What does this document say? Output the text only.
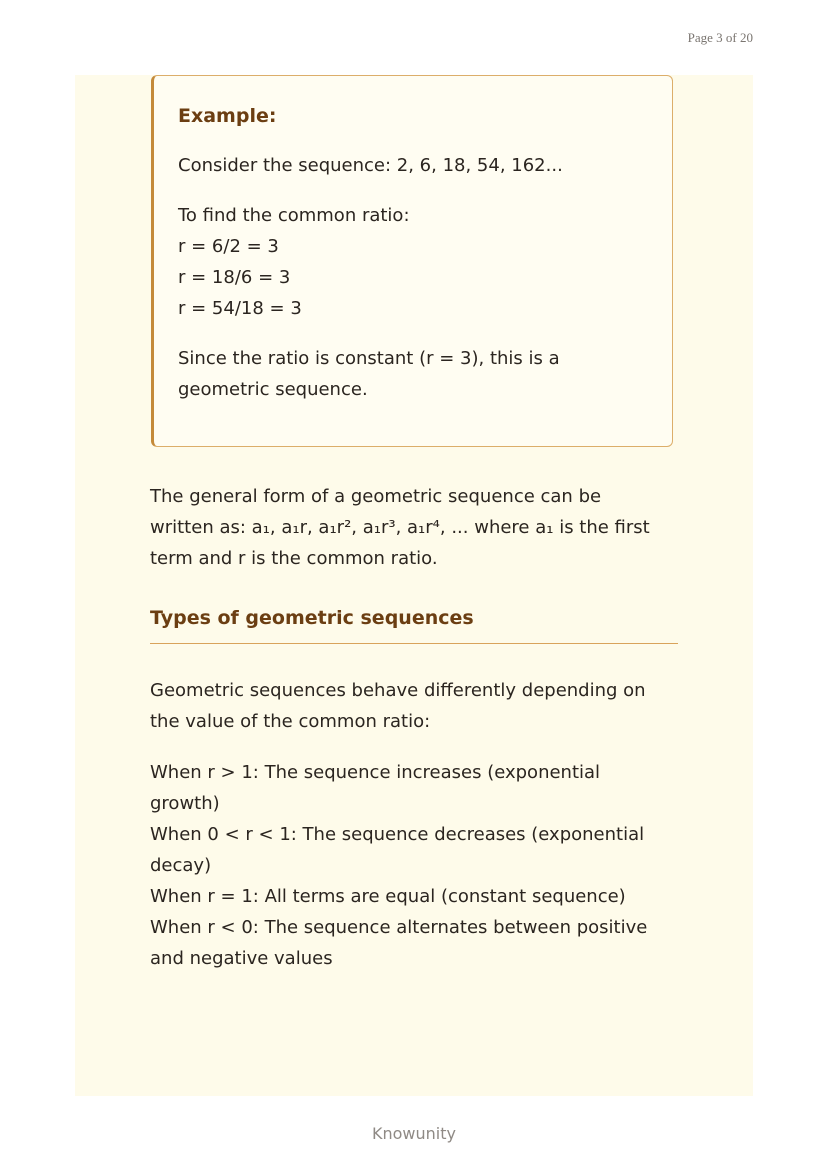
Page 3 of 20

Example:

Consider the sequence: 2, 6, 18, 54, 162...

To find the common ratio:

r = 6/2 = 3

r = 18/6 = 3

r = 54/18 = 3

Since the ratio is constant (r = 3), this is a

geometric sequence.

The general form of a geometric sequence can be

written as: a₁, a₁r, a₁r², a₁r³, a₁r⁴, ... where a₁ is the first

term and r is the common ratio.

Types of geometric sequences

Geometric sequences behave differently depending on

the value of the common ratio:

When r > 1: The sequence increases (exponential

growth)

When 0 < r < 1: The sequence decreases (exponential

decay)

When r = 1: All terms are equal (constant sequence)

When r < 0: The sequence alternates between positive

and negative values

Knowunity
